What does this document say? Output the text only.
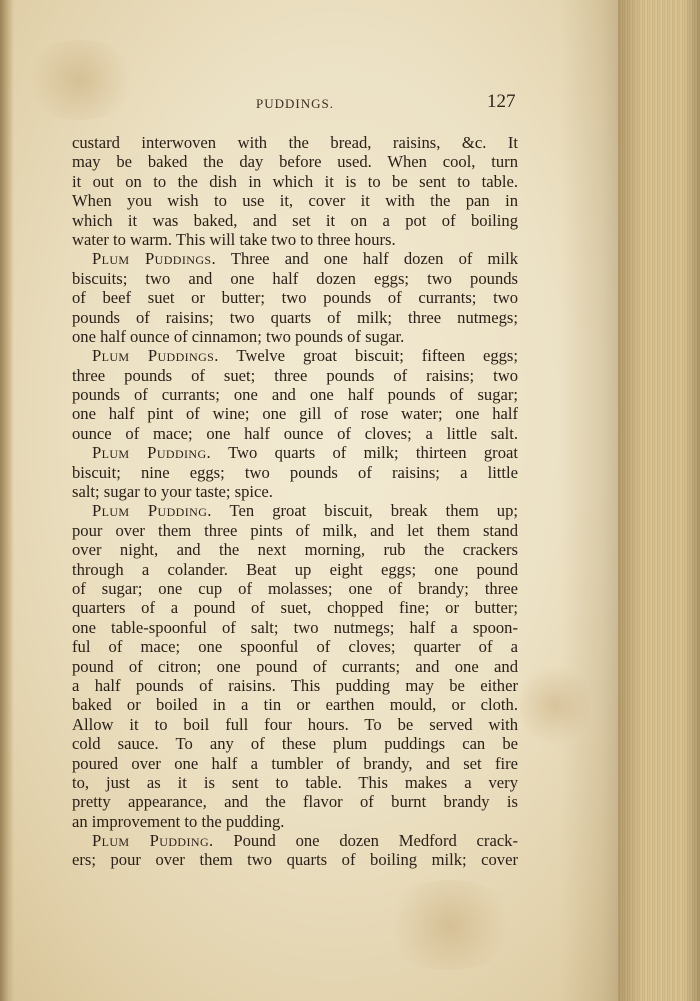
PUDDINGS.	127
custard interwoven with the bread, raisins, &c. It
may be baked the day before used. When cool, turn
it out on to the dish in which it is to be sent to table.
When you wish to use it, cover it with the pan in
which it was baked, and set it on a pot of boiling
water to warm. This will take two to three hours.
Plum Puddings. Three and one half dozen of milk
biscuits; two and one half dozen eggs; two pounds
of beef suet or butter; two pounds of currants; two
pounds of raisins; two quarts of milk; three nutmegs;
one half ounce of cinnamon; two pounds of sugar.
Plum Puddings. Twelve groat biscuit; fifteen eggs;
three pounds of suet; three pounds of raisins; two
pounds of currants; one and one half pounds of sugar;
one half pint of wine; one gill of rose water; one half
ounce of mace; one half ounce of cloves; a little salt.
Plum Pudding. Two quarts of milk; thirteen groat
biscuit; nine eggs; two pounds of raisins; a little
salt; sugar to your taste; spice.
Plum Pudding. Ten groat biscuit, break them up;
pour over them three pints of milk, and let them stand
over night, and the next morning, rub the crackers
through a colander. Beat up eight eggs; one pound
of sugar; one cup of molasses; one of brandy; three
quarters of a pound of suet, chopped fine; or butter;
one table-spoonful of salt; two nutmegs; half a spoon-
ful of mace; one spoonful of cloves; quarter of a
pound of citron; one pound of currants; and one and
a half pounds of raisins. This pudding may be either
baked or boiled in a tin or earthen mould, or cloth.
Allow it to boil full four hours. To be served with
cold sauce. To any of these plum puddings can be
poured over one half a tumbler of brandy, and set fire
to, just as it is sent to table. This makes a very
pretty appearance, and the flavor of burnt brandy is
an improvement to the pudding.
Plum Pudding. Pound one dozen Medford crack-
ers; pour over them two quarts of boiling milk; cover
